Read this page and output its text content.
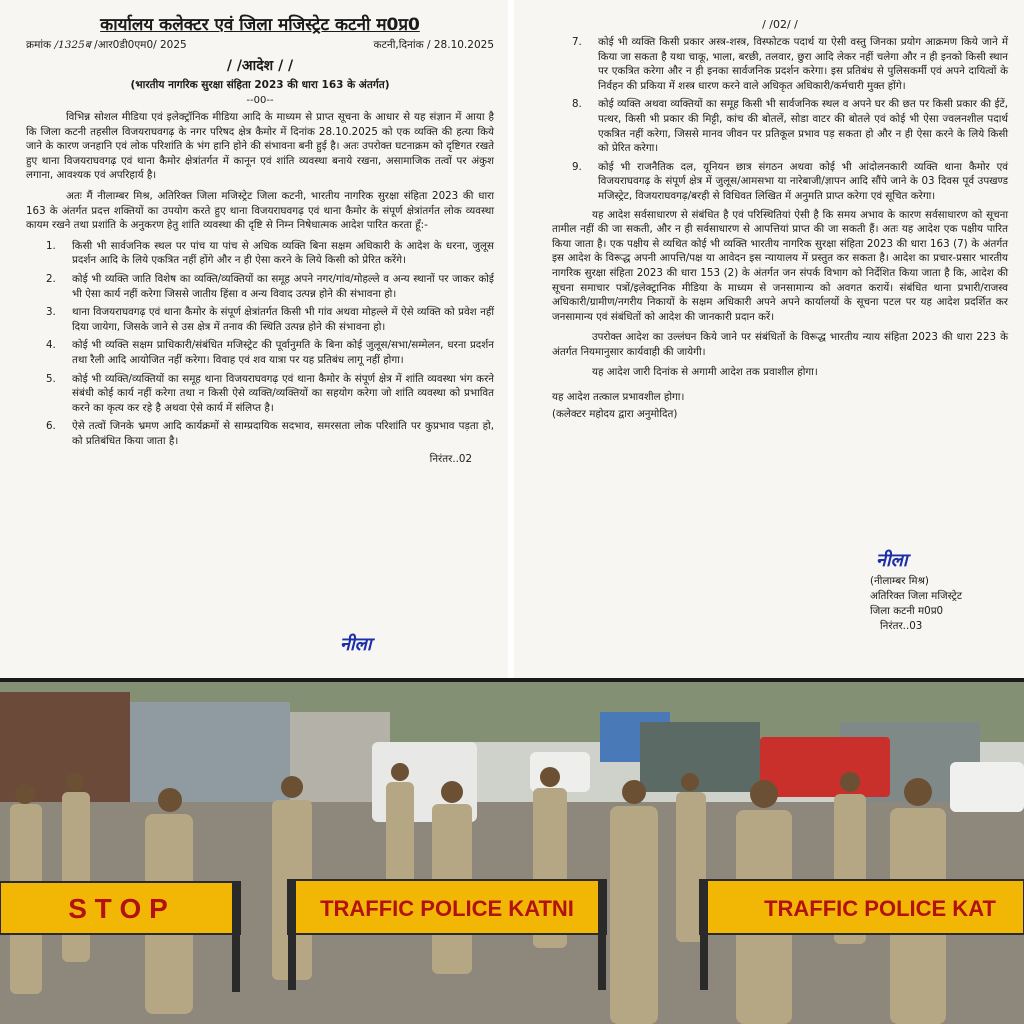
कार्यालय कलेक्टर एवं जिला मजिस्ट्रेट कटनी म0प्र0
क्रमांक /1325ब /आर0डी0एम0/ 2025	कटनी,दिनांक / 28.10.2025
/ /आदेश / /
(भारतीय नागरिक सुरक्षा संहिता 2023 की धारा 163 के अंतर्गत)
--00--

विभिन्न सोशल मीडिया एवं इलेक्ट्रॉनिक मीडिया आदि के माध्यम से प्राप्त सूचना के आधार से यह संज्ञान में आया है कि जिला कटनी तहसील विजयराघवगढ़ के नगर परिषद क्षेत्र कैमोर में दिनांक 28.10.2025 को एक व्यक्ति की हत्या किये जाने के कारण जनहानि एवं लोक परिशांति के भंग हानि होने की संभावना बनी हुई है। अतः उपरोक्त घटनाक्रम को दृष्टिगत रखते हुए थाना विजयराघवगढ़ एवं थाना कैमोर क्षेत्रांतर्गत में कानून एवं शांति व्यवस्था बनाये रखना, असामाजिक तत्वों पर अंकुश लगाना, आवश्यक एवं अपरिहार्य है।

अतः मैं नीलाम्बर मिश्र, अतिरिक्त जिला मजिस्ट्रेट जिला कटनी, भारतीय नागरिक सुरक्षा संहिता 2023 की धारा 163 के अंतर्गत प्रदत्त शक्तियों का उपयोग करते हुए थाना विजयराघवगढ़ एवं थाना कैमोर के संपूर्ण क्षेत्रांतर्गत लोक व्यवस्था कायम रखने तथा प्रशांति के अनुकरण हेतु शांति व्यवस्था की दृष्टि से निम्न निषेधात्मक आदेश पारित करता हूँ:-

1.	किसी भी सार्वजनिक स्थल पर पांच या पांच से अधिक व्यक्ति बिना सक्षम अधिकारी के आदेश के धरना, जुलूस प्रदर्शन आदि के लिये एकत्रित नहीं होंगे और न ही ऐसा करने के लिये किसी को प्रेरित करेंगे।
2.	कोई भी व्यक्ति जाति विशेष का व्यक्ति/व्यक्तियों का समूह अपने नगर/गांव/मोहल्ले व अन्य स्थानों पर जाकर कोई भी ऐसा कार्य नहीं करेगा जिससे जातीय हिंसा व अन्य विवाद उत्पन्न होने की संभावना हो।
3.	थाना विजयराघवगढ़ एवं थाना कैमोर के संपूर्ण क्षेत्रांतर्गत किसी भी गांव अथवा मोहल्ले में ऐसे व्यक्ति को प्रवेश नहीं दिया जायेगा, जिसके जाने से उस क्षेत्र में तनाव की स्थिति उत्पन्न होने की संभावना हो।
4.	कोई भी व्यक्ति सक्षम प्राधिकारी/संबंधित मजिस्ट्रेट की पूर्वानुमति के बिना कोई जुलूस/सभा/सम्मेलन, धरना प्रदर्शन तथा रैली आदि आयोजित नहीं करेगा। विवाह एवं शव यात्रा पर यह प्रतिबंध लागू नहीं होगा।
5.	कोई भी व्यक्ति/व्यक्तियों का समूह थाना विजयराघवगढ़ एवं थाना कैमोर के संपूर्ण क्षेत्र में शांति व्यवस्था भंग करने संबंधी कोई कार्य नहीं करेगा तथा न किसी ऐसे व्यक्ति/व्यक्तियों का सहयोग करेगा जो शांति व्यवस्था को प्रभावित करने का कृत्य कर रहे है अथवा ऐसे कार्य में संलिप्त है।
6.	ऐसे तत्वों जिनके भ्रमण आदि कार्यक्रमों से साम्प्रदायिक सदभाव, समरसता लोक परिशांति पर कुप्रभाव पड़ता हो, को प्रतिबंधित किया जाता है।
निरंतर..02
नीला
/ /02/ /
7.	कोई भी व्यक्ति किसी प्रकार अस्त्र-शस्त्र, विस्फोटक पदार्थ या ऐसी वस्तु जिनका प्रयोग आक्रमण किये जाने में किया जा सकता है यथा चाकू, भाला, बरछी, तलवार, छुरा आदि लेकर नहीं चलेगा और न ही इनको किसी स्थान पर एकत्रित करेगा और न ही इनका सार्वजनिक प्रदर्शन करेगा। इस प्रतिबंध से पुलिसकर्मी एवं अपने दायित्वों के निर्वहन की प्रकिया में शस्त्र धारण करने वाले अधिकृत अधिकारी/कर्मचारी मुक्त होंगे।
8.	कोई व्यक्ति अथवा व्यक्तियों का समूह किसी भी सार्वजनिक स्थल व अपने घर की छत पर किसी प्रकार की ईटें, पत्थर, किसी भी प्रकार की मिट्टी, कांच की बोतलें, सोडा वाटर की बोतले एवं कोई भी ऐसा ज्वलनशील पदार्थ एकत्रित नहीं करेगा, जिससे मानव जीवन पर प्रतिकूल प्रभाव पड़ सकता हो और न ही ऐसा करने के लिये किसी को प्रेरित करेगा।
9.	कोई भी राजनैतिक दल, यूनियन छात्र संगठन अथवा कोई भी आंदोलनकारी व्यक्ति थाना कैमोर एवं विजयराघवगढ़ के संपूर्ण क्षेत्र में जुलूस/आमसभा या नारेबाजी/ज्ञापन आदि सौंपे जाने के 03 दिवस पूर्व उपखण्ड मजिस्ट्रेट, विजयराघवगढ़/बरही से विधिवत लिखित में अनुमति प्राप्त करेगा एवं सूचित करेगा।

यह आदेश सर्वसाधारण से संबंधित है एवं परिस्थितियां ऐसी है कि समय अभाव के कारण सर्वसाधारण को सूचना तामील नहीं की जा सकती, और न ही सर्वसाधारण से आपत्तियां प्राप्त की जा सकती हैं। अतः यह आदेश एक पक्षीय पारित किया जाता है। एक पक्षीय से व्यथित कोई भी व्यक्ति भारतीय नागरिक सुरक्षा संहिता 2023 की धारा 163 (7) के अंतर्गत इस आदेश के विरूद्ध अपनी आपत्ति/पक्ष या आवेदन इस न्यायालय में प्रस्तुत कर सकता है। आदेश का प्रचार-प्रसार भारतीय नागरिक सुरक्षा संहिता 2023 की धारा 153 (2) के अंतर्गत जन संपर्क विभाग को निर्देशित किया जाता है कि, आदेश की सूचना समाचार पत्रों/इलेक्ट्रानिक मीडिया के माध्यम से जनसामान्य को अवगत करायें। संबंधित थाना प्रभारी/राजस्व अधिकारी/ग्रामीण/नगरीय निकायों के सक्षम अधिकारी अपने अपने कार्यालयों के सूचना पटल पर यह आदेश प्रदर्शित कर जनसामान्य एवं संबंधितों को आदेश की जानकारी प्रदान करें।

उपरोक्त आदेश का उल्लंघन किये जाने पर संबंधितों के विरूद्ध भारतीय न्याय संहिता 2023 की धारा 223 के अंतर्गत नियमानुसार कार्यवाही की जायेगी।

यह आदेश जारी दिनांक से अगामी आदेश तक प्रवाशील होगा।

यह आदेश तत्काल प्रभावशील होगा।
(कलेक्टर महोदय द्वारा अनुमोदित)
नीला
(नीलाम्बर मिश्र)
अतिरिक्त जिला मजिस्ट्रेट
जिला कटनी म0प्र0
निरंतर..03
S T O P	TRAFFIC POLICE KATNI	TRAFFIC POLICE KAT
